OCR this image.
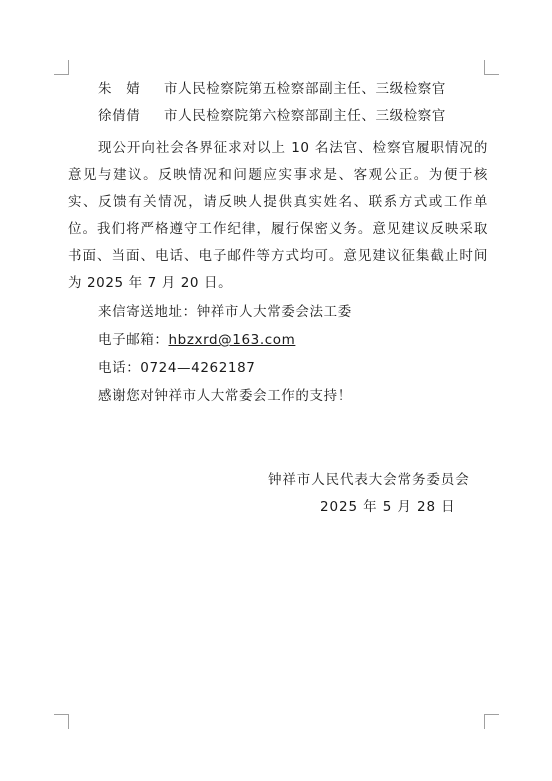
朱　婧 市人民检察院第五检察部副主任、三级检察官
徐倩倩 市人民检察院第六检察部副主任、三级检察官
现公开向社会各界征求对以上 10 名法官、检察官履职情况的意见与建议。反映情况和问题应实事求是、客观公正。为便于核实、反馈有关情况，请反映人提供真实姓名、联系方式或工作单位。我们将严格遵守工作纪律，履行保密义务。意见建议反映采取书面、当面、电话、电子邮件等方式均可。意见建议征集截止时间为 2025 年 7 月 20 日。
来信寄送地址：钟祥市人大常委会法工委
电子邮箱：hbzxrd@163.com
电话：0724—4262187
感谢您对钟祥市人大常委会工作的支持！
钟祥市人民代表大会常务委员会
2025 年 5 月 28 日
